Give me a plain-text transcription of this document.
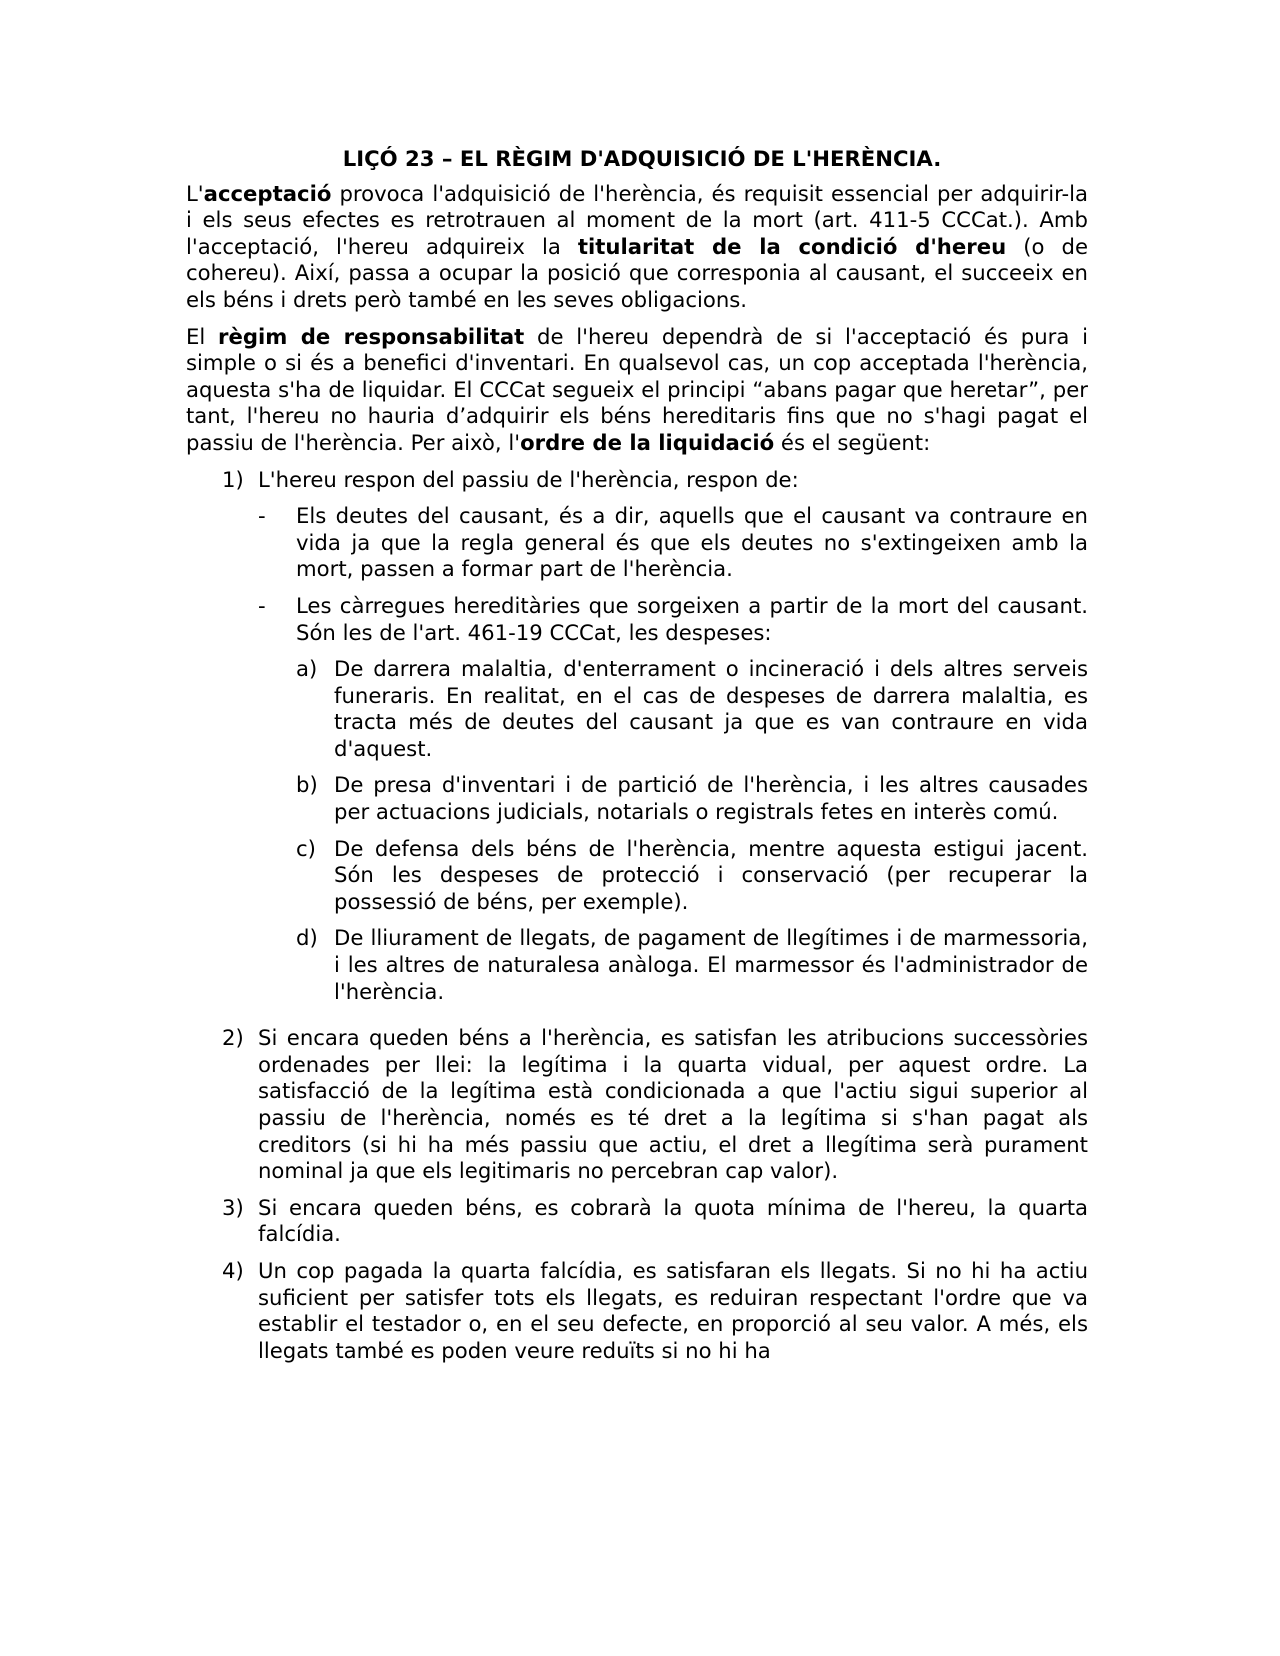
LIÇÓ 23 – EL RÈGIM D'ADQUISICIÓ DE L'HERÈNCIA.

L'acceptació provoca l'adquisició de l'herència, és requisit essencial per adquirir-la i els seus efectes es retrotrauen al moment de la mort (art. 411-5 CCCat.). Amb l'acceptació, l'hereu adquireix la titularitat de la condició d'hereu (o de cohereu). Així, passa a ocupar la posició que corresponia al causant, el succeeix en els béns i drets però també en les seves obligacions.

El règim de responsabilitat de l'hereu dependrà de si l'acceptació és pura i simple o si és a benefici d'inventari. En qualsevol cas, un cop acceptada l'herència, aquesta s'ha de liquidar. El CCCat segueix el principi “abans pagar que heretar”, per tant, l'hereu no hauria d’adquirir els béns hereditaris fins que no s'hagi pagat el passiu de l'herència. Per això, l'ordre de la liquidació és el següent:

1) L'hereu respon del passiu de l'herència, respon de:
-	Els deutes del causant, és a dir, aquells que el causant va contraure en vida ja que la regla general és que els deutes no s'extingeixen amb la mort, passen a formar part de l'herència.
-	Les càrregues hereditàries que sorgeixen a partir de la mort del causant. Són les de l'art. 461-19 CCCat, les despeses:
a) De darrera malaltia, d'enterrament o incineració i dels altres serveis funeraris. En realitat, en el cas de despeses de darrera malaltia, es tracta més de deutes del causant ja que es van contraure en vida d'aquest.
b) De presa d'inventari i de partició de l'herència, i les altres causades per actuacions judicials, notarials o registrals fetes en interès comú.
c) De defensa dels béns de l'herència, mentre aquesta estigui jacent. Són les despeses de protecció i conservació (per recuperar la possessió de béns, per exemple).
d) De lliurament de llegats, de pagament de llegítimes i de marmessoria, i les altres de naturalesa anàloga. El marmessor és l'administrador de l'herència.
2) Si encara queden béns a l'herència, es satisfan les atribucions successòries ordenades per llei: la legítima i la quarta vidual, per aquest ordre. La satisfacció de la legítima està condicionada a que l'actiu sigui superior al passiu de l'herència, només es té dret a la legítima si s'han pagat als creditors (si hi ha més passiu que actiu, el dret a llegítima serà purament nominal ja que els legitimaris no percebran cap valor).
3) Si encara queden béns, es cobrarà la quota mínima de l'hereu, la quarta falcídia.
4) Un cop pagada la quarta falcídia, es satisfaran els llegats. Si no hi ha actiu suficient per satisfer tots els llegats, es reduiran respectant l'ordre que va establir el testador o, en el seu defecte, en proporció al seu valor. A més, els llegats també es poden veure reduïts si no hi ha
